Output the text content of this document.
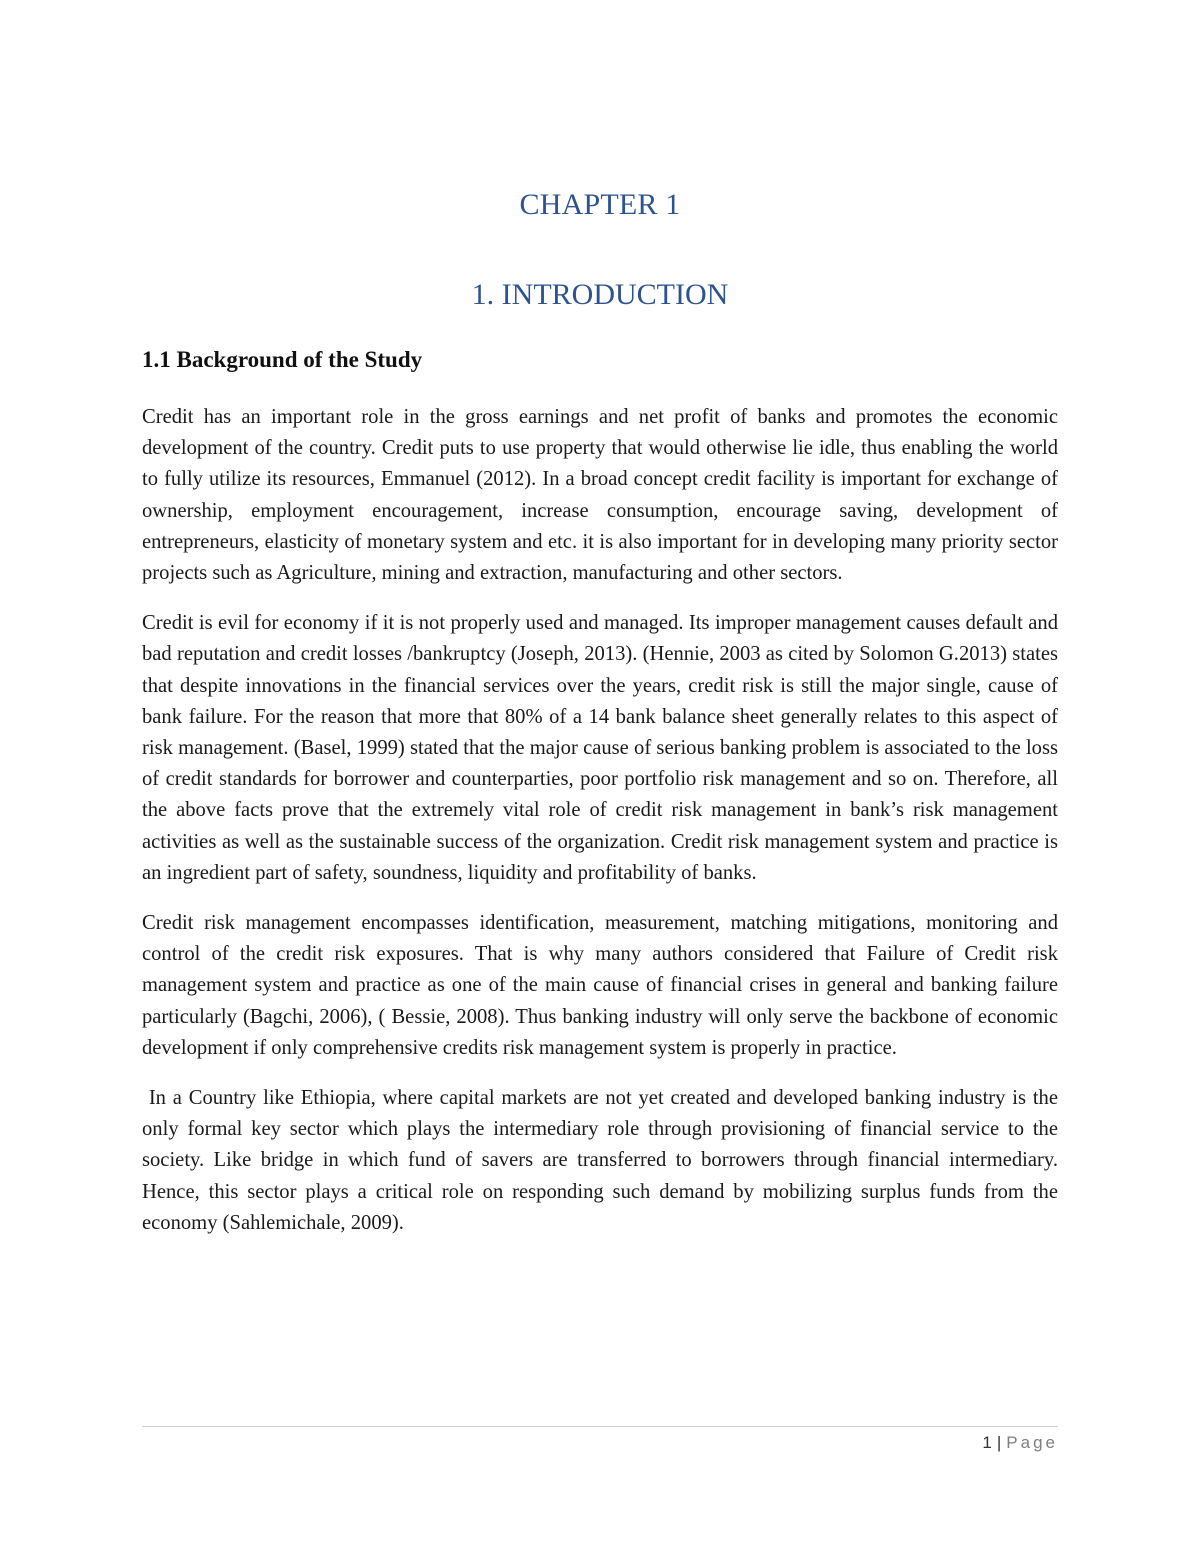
CHAPTER 1
1. INTRODUCTION
1.1 Background of the Study

Credit has an important role in the gross earnings and net profit of banks and promotes the economic development of the country. Credit puts to use property that would otherwise lie idle, thus enabling the world to fully utilize its resources, Emmanuel (2012). In a broad concept credit facility is important for exchange of ownership, employment encouragement, increase consumption, encourage saving, development of entrepreneurs, elasticity of monetary system and etc. it is also important for in developing many priority sector projects such as Agriculture, mining and extraction, manufacturing and other sectors.

Credit is evil for economy if it is not properly used and managed. Its improper management causes default and bad reputation and credit losses /bankruptcy (Joseph, 2013). (Hennie, 2003 as cited by Solomon G.2013) states that despite innovations in the financial services over the years, credit risk is still the major single, cause of bank failure. For the reason that more that 80% of a 14 bank balance sheet generally relates to this aspect of risk management. (Basel, 1999) stated that the major cause of serious banking problem is associated to the loss of credit standards for borrower and counterparties, poor portfolio risk management and so on. Therefore, all the above facts prove that the extremely vital role of credit risk management in bank’s risk management activities as well as the sustainable success of the organization. Credit risk management system and practice is an ingredient part of safety, soundness, liquidity and profitability of banks.

Credit risk management encompasses identification, measurement, matching mitigations, monitoring and control of the credit risk exposures. That is why many authors considered that Failure of Credit risk management system and practice as one of the main cause of financial crises in general and banking failure particularly (Bagchi, 2006), ( Bessie, 2008). Thus banking industry will only serve the backbone of economic development if only comprehensive credits risk management system is properly in practice.

In a Country like Ethiopia, where capital markets are not yet created and developed banking industry is the only formal key sector which plays the intermediary role through provisioning of financial service to the society. Like bridge in which fund of savers are transferred to borrowers through financial intermediary. Hence, this sector plays a critical role on responding such demand by mobilizing surplus funds from the economy (Sahlemichale, 2009).

1 | Page
